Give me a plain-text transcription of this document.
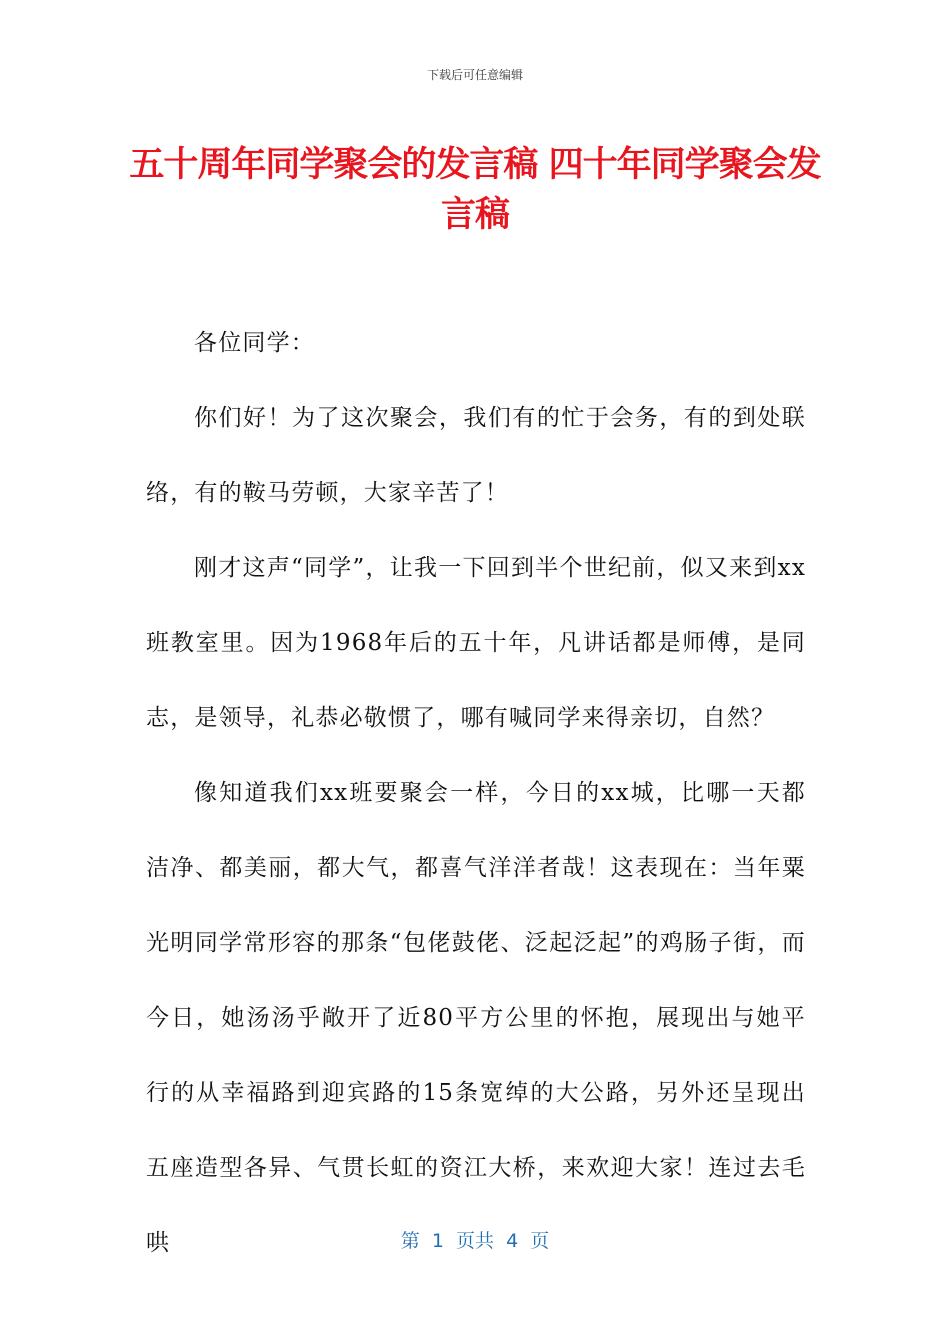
下载后可任意编辑
五十周年同学聚会的发言稿 四十年同学聚会发言稿

各位同学：

你们好！为了这次聚会，我们有的忙于会务，有的到处联络，有的鞍马劳顿，大家辛苦了！

刚才这声“同学”，让我一下回到半个世纪前，似又来到xx班教室里。因为1968年后的五十年，凡讲话都是师傅，是同志，是领导，礼恭必敬惯了，哪有喊同学来得亲切，自然？

像知道我们xx班要聚会一样，今日的xx城，比哪一天都洁净、都美丽，都大气，都喜气洋洋者哉！这表现在：当年粟光明同学常形容的那条“包佬鼓佬、泛起泛起”的鸡肠子街，而今日，她汤汤乎敞开了近80平方公里的怀抱，展现出与她平行的从幸福路到迎宾路的15条宽绰的大公路，另外还呈现出五座造型各异、气贯长虹的资江大桥，来欢迎大家！连过去毛哄	第  1  页共  4  页
